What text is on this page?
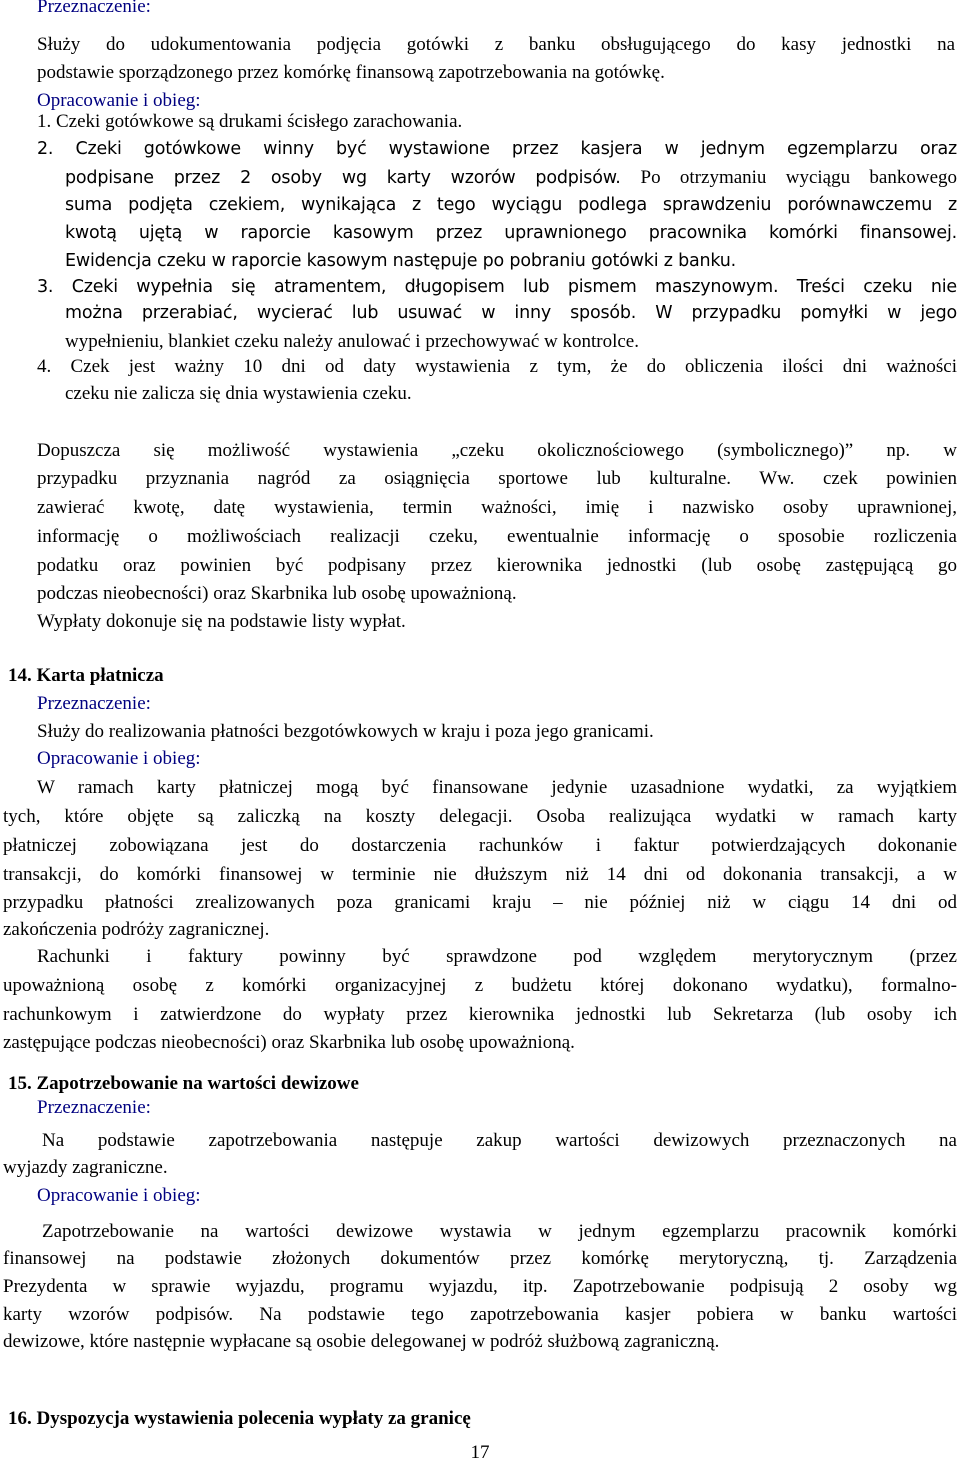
17
Przeznaczenie:
Służy do udokumentowania podjęcia gotówki z banku obsługującego do kasy jednostki na
podstawie sporządzonego przez komórkę finansową zapotrzebowania na gotówkę.
Opracowanie i obieg:
1. Czeki gotówkowe są drukami ścisłego zarachowania.
2. Czeki gotówkowe winny być wystawione przez kasjera w jednym egzemplarzu oraz
podpisane przez 2 osoby wg karty wzorów podpisów. Po otrzymaniu wyciągu bankowego
suma podjęta czekiem, wynikająca z tego wyciągu podlega sprawdzeniu porównawczemu z
kwotą ujętą w raporcie kasowym przez uprawnionego pracownika komórki finansowej.
Ewidencja czeku w raporcie kasowym następuje po pobraniu gotówki z banku.
3. Czeki wypełnia się atramentem, długopisem lub pismem maszynowym. Treści czeku nie
można przerabiać, wycierać lub usuwać w inny sposób. W przypadku pomyłki w jego
wypełnieniu, blankiet czeku należy anulować i przechowywać w kontrolce.
4. Czek jest ważny 10 dni od daty wystawienia z tym, że do obliczenia ilości dni ważności
czeku nie zalicza się dnia wystawienia czeku.
Dopuszcza się możliwość wystawienia „czeku okolicznościowego (symbolicznego)” np. w
przypadku przyznania nagród za osiągnięcia sportowe lub kulturalne. Ww. czek powinien
zawierać kwotę, datę wystawienia, termin ważności, imię i nazwisko osoby uprawnionej,
informację o możliwościach realizacji czeku, ewentualnie informację o sposobie rozliczenia
podatku oraz powinien być podpisany przez kierownika jednostki (lub osobę zastępującą go
podczas nieobecności) oraz Skarbnika lub osobę upoważnioną.
Wypłaty dokonuje się na podstawie listy wypłat.
14. Karta płatnicza
Przeznaczenie:
Służy do realizowania płatności bezgotówkowych w kraju i poza jego granicami.
Opracowanie i obieg:
W ramach karty płatniczej mogą być finansowane jedynie uzasadnione wydatki, za wyjątkiem
tych, które objęte są zaliczką na koszty delegacji. Osoba realizująca wydatki w ramach karty
płatniczej zobowiązana jest do dostarczenia rachunków i faktur potwierdzających dokonanie
transakcji, do komórki finansowej w terminie nie dłuższym niż 14 dni od dokonania transakcji, a w
przypadku płatności zrealizowanych poza granicami kraju – nie później niż w ciągu 14 dni od
zakończenia podróży zagranicznej.
Rachunki i faktury powinny być sprawdzone pod względem merytorycznym (przez
upoważnioną osobę z komórki organizacyjnej z budżetu której dokonano wydatku), formalno-
rachunkowym i zatwierdzone do wypłaty przez kierownika jednostki lub Sekretarza (lub osoby ich
zastępujące podczas nieobecności) oraz Skarbnika lub osobę upoważnioną.
15. Zapotrzebowanie na wartości dewizowe
Przeznaczenie:
Na podstawie zapotrzebowania następuje zakup wartości dewizowych przeznaczonych na
wyjazdy zagraniczne.
Opracowanie i obieg:
Zapotrzebowanie na wartości dewizowe wystawia w jednym egzemplarzu pracownik komórki
finansowej na podstawie złożonych dokumentów przez komórkę merytoryczną, tj. Zarządzenia
Prezydenta w sprawie wyjazdu, programu wyjazdu, itp. Zapotrzebowanie podpisują 2 osoby wg
karty wzorów podpisów. Na podstawie tego zapotrzebowania kasjer pobiera w banku wartości
dewizowe, które następnie wypłacane są osobie delegowanej w podróż służbową zagraniczną.
16. Dyspozycja wystawienia polecenia wypłaty za granicę
